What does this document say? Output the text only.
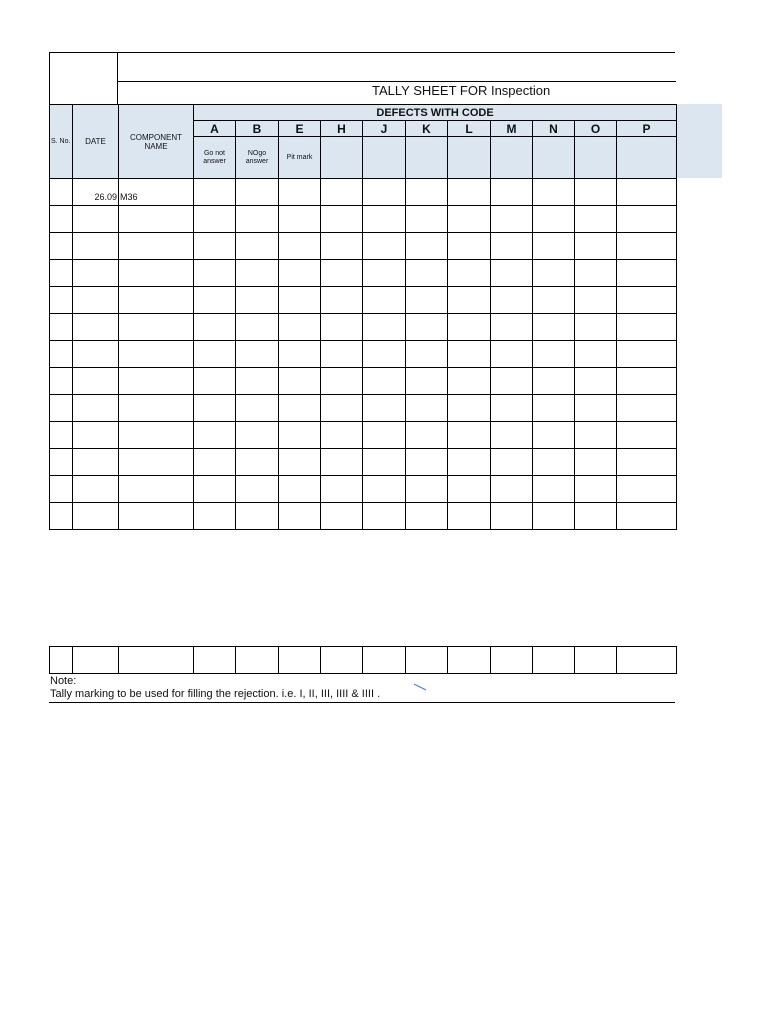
TALLY SHEET FOR Inspection
S. No.	DATE	COMPONENT NAME	DEFECTS WITH CODE										
			A	B	E	H	J	K	L	M	N	O	P
			Go not answer	NOgo answer	Pit mark								
	26.09	M36											

Note:
Tally marking to be used for filling the rejection. i.e. I, II, III, IIII & IIII .
